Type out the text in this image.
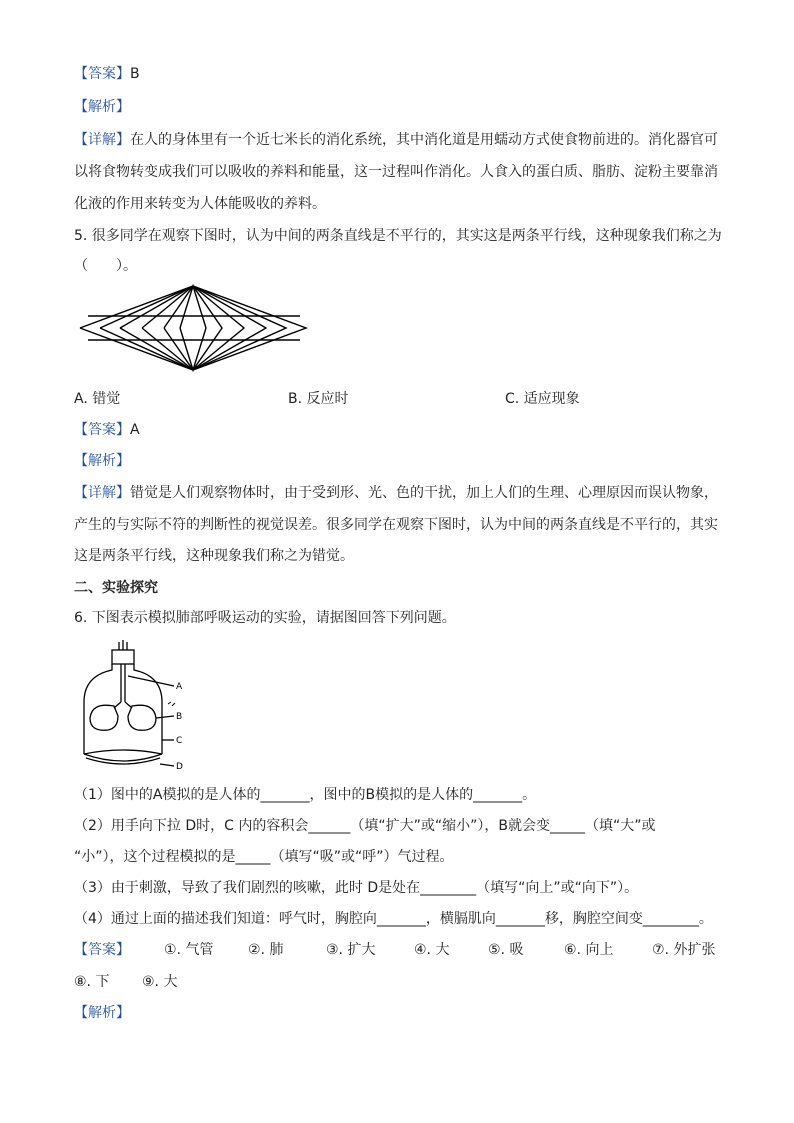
【答案】B
【解析】
【详解】在人的身体里有一个近七米长的消化系统，其中消化道是用蠕动方式使食物前进的。消化器官可
以将食物转变成我们可以吸收的养料和能量，这一过程叫作消化。人食入的蛋白质、脂肪、淀粉主要靠消
化液的作用来转变为人体能吸收的养料。
5. 很多同学在观察下图时，认为中间的两条直线是不平行的，其实这是两条平行线，这种现象我们称之为
（　　）。
A. 错觉	B. 反应时	C. 适应现象
【答案】A
【解析】
【详解】错觉是人们观察物体时，由于受到形、光、色的干扰，加上人们的生理、心理原因而误认物象，
产生的与实际不符的判断性的视觉误差。很多同学在观察下图时，认为中间的两条直线是不平行的，其实
这是两条平行线，这种现象我们称之为错觉。
二、实验探究
6. 下图表示模拟肺部呼吸运动的实验，请据图回答下列问题。
A
B
C
D
（1）图中的A模拟的是人体的_______，图中的B模拟的是人体的_______。
（2）用手向下拉 D时，C 内的容积会______（填“扩大”或“缩小”），B就会变_____（填“大”或
“小”），这个过程模拟的是_____（填写“吸”或“呼”）气过程。
（3）由于刺激，导致了我们剧烈的咳嗽，此时 D是处在________（填写“向上”或“向下”）。
（4）通过上面的描述我们知道：呼气时，胸腔向_______，横膈肌向_______移，胸腔空间变________。
【答案】 ①. 气管 ②. 肺	③. 扩大	④. 大	⑤. 吸	⑥. 向上	⑦. 外扩张
⑧. 下 ⑨. 大
【解析】
